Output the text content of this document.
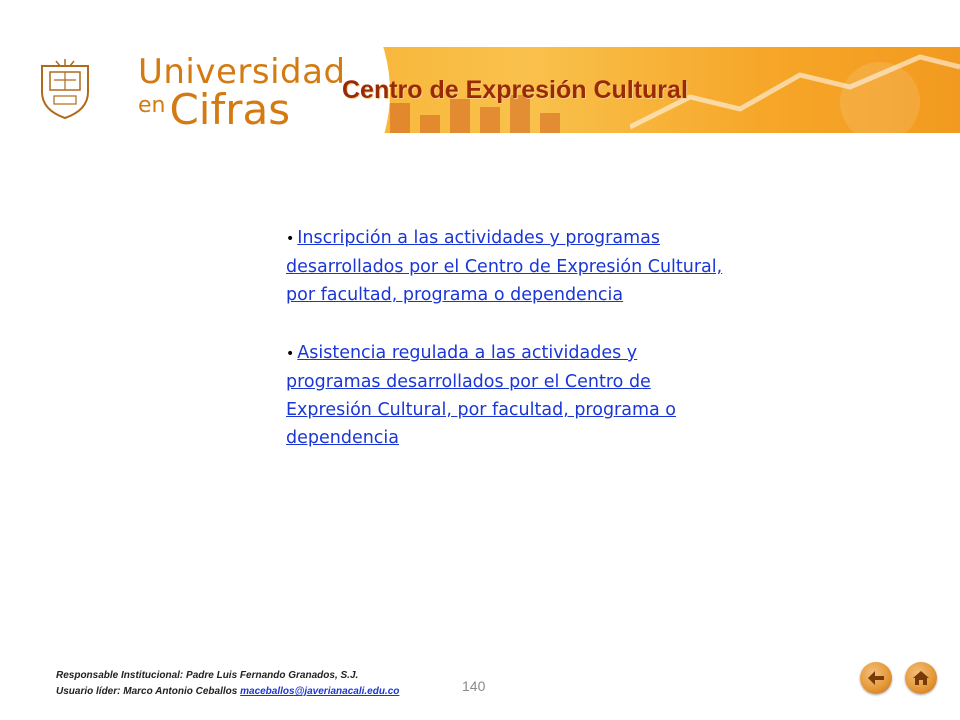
Universidad
en Cifras Centro de Expresión Cultural
• Inscripción a las actividades y programas desarrollados por el Centro de Expresión Cultural, por facultad, programa o dependencia
• Asistencia regulada a las actividades y programas desarrollados por el Centro de Expresión Cultural, por facultad, programa o dependencia
Responsable Institucional: Padre Luis Fernando Granados, S.J.
Usuario líder: Marco Antonio Ceballos maceballos@javerianacali.edu.co	140
